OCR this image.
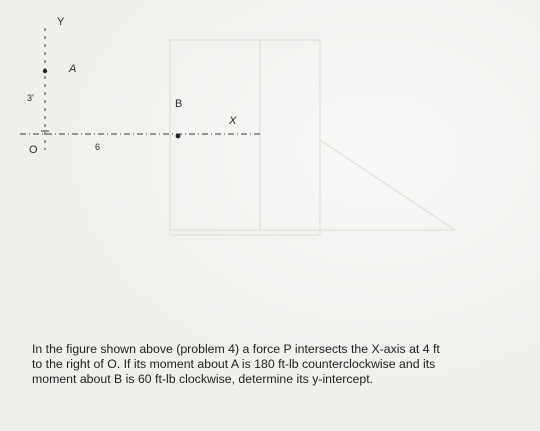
Y
A
3'	B
X
O	6

In the figure shown above (problem 4) a force P intersects the X-axis at 4 ft

to the right of O. If its moment about A is 180 ft-lb counterclockwise and its

moment about B is 60 ft-lb clockwise, determine its y-intercept.
